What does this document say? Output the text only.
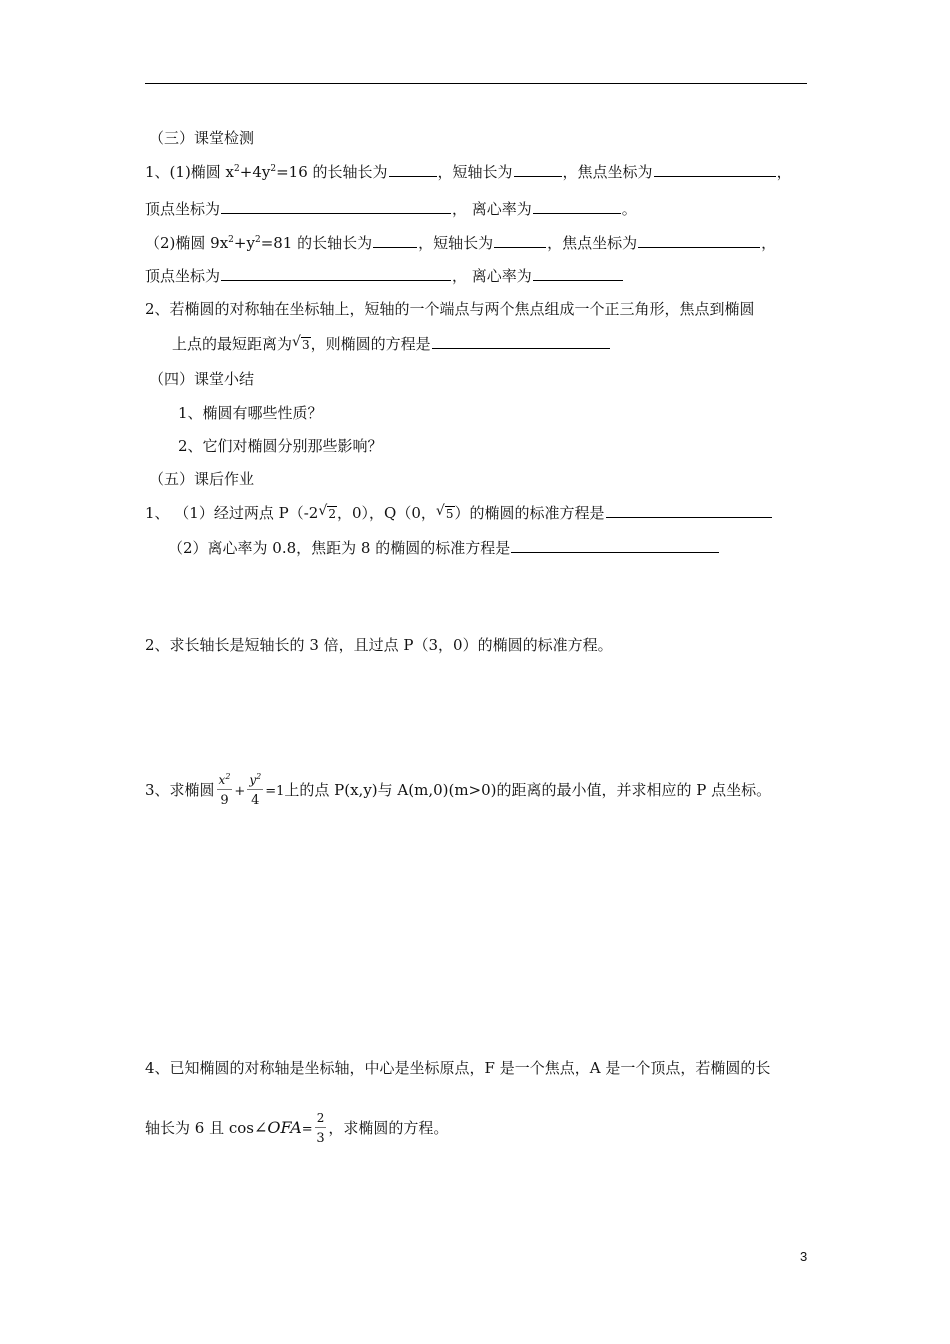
（三）课堂检测
1、(1)椭圆 $x^2+4y^2=16$ 的长轴长为	，短轴长为	，焦点坐标为	，
顶点坐标为	， 离心率为	。
（2)椭圆 $9x^2+y^2=81$ 的长轴长为	，短轴长为	，焦点坐标为	，
顶点坐标为	， 离心率为
2、若椭圆的对称轴在坐标轴上，短轴的一个端点与两个焦点组成一个正三角形，焦点到椭圆
上点的最短距离为 √ 3，则椭圆的方程是
（四）课堂小结
1、椭圆有哪些性质？
2、它们对椭圆分别那些影响？
（五）课后作业
1、 （1）经过两点 P（-2 √ 2，0），Q（0， √ 5）的椭圆的标准方程是
（2）离心率为 0.8，焦距为 8 的椭圆的标准方程是
2、求长轴长是短轴长的 3 倍，且过点 P（3，0）的椭圆的标准方程。
3、求椭圆 $\frac{x^2}{9} + \frac{y^2}{4} =1$上的点 P(x,y)与 A(m,0)(m>0)的距离的最小值，并求相应的 P 点坐标。
4、已知椭圆的对称轴是坐标轴，中心是坐标原点，F 是一个焦点，A 是一个顶点，若椭圆的长
轴长为 6 且 cos∠OFA= $\frac{2}{3}$ ，求椭圆的方程。
3
